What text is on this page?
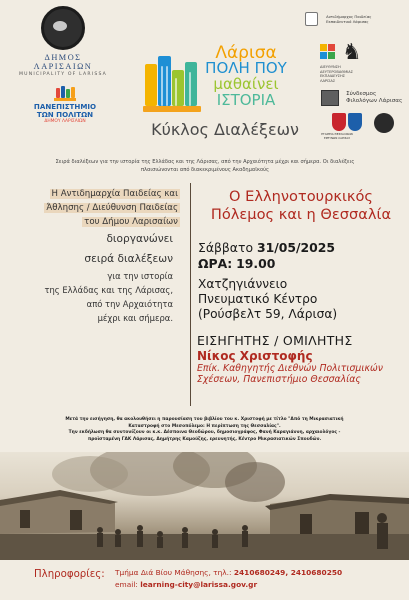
ΔΗΜΟΣ ΛΑΡΙΣΑΙΩΝ
MUNICIPALITY OF LARISSA
ΠΑΝΕΠΙΣΤΗΜΙΟ
ΤΩΝ ΠΟΛΙΤΩΝ
ΔΗΜΟΥ ΛΑΡΙΣΑΙΩΝ
Λάρισα
ΠΟΛΗ ΠΟΥ
μαθαίνει
ΙΣΤΟΡΙΑ
Κύκλος Διαλέξεων
Αντιδήμαρχος Παιδείας
Εκπαιδευτικό Λάρισας
♞
ΔΙΕΥΘΥΝΣΗ
ΔΕΥΤΕΡΟΒΑΘΜΙΑΣ
ΕΚΠΑΙΔΕΥΣΗΣ
ΛΑΡΙΣΑΣ
Σύνδεσμος
Φιλολόγων Λάρισας
ΕΤΑΙΡΕΙΑ ΘΕΣΣΑΛΙΚΩΝ ΕΡΕΥΝΩΝ ΛΑΡΙΣΑΣ
Σειρά διαλέξεων για την ιστορία της Ελλάδας και της Λάρισας, από την Αρχαιότητα μέχρι και σήμερα. Οι διαλέξεις πλαισιώνονται από διακεκριμένους Ακαδημαϊκούς
Η Αντιδημαρχία Παιδείας και
Άθλησης / Διεύθυνση Παιδείας
του Δήμου Λαρισαίων
διοργανώνει
σειρά διαλέξεων
για την ιστορία
της Ελλάδας και της Λάρισας,
από την Αρχαιότητα
μέχρι και σήμερα.
Ο Ελληνοτουρκικός
Πόλεμος και η Θεσσαλία
Σάββατο 31/05/2025
ΩΡΑ: 19.00
Χατζηγιάννειο
Πνευματικό Κέντρο
(Ρούσβελτ 59, Λάρισα)
ΕΙΣΗΓΗΤΗΣ / ΟΜΙΛΗΤΗΣ
Νίκος Χριστοφής
Επίκ. Καθηγητής Διεθνών Πολιτισμικών
Σχέσεων, Πανεπιστήμιο Θεσσαλίας
Μετά την εισήγηση, θα ακολουθήσει η παρουσίαση του βιβλίου του κ. Χριστοφή με τίτλο "Από τη Μικρασιατική
Καταστροφή στο Μεσοπόλεμο: Η περίπτωση της Θεσσαλίας".
Την εκδήλωση θα συντονίζουν οι κ.κ. Δέσποινα Θεοδώρου, δημοσιογράφος, Φανή Καραγιάννη, αρχαιολόγος -
προϊσταμένη ΓΑΚ Λάρισας, Δημήτρης Καμούζης, ερευνητής, Κέντρο Μικρασιατικών Σπουδών.
Πληροφορίες: Τμήμα Διά Βίου Μάθησης, τηλ.: 2410680249, 2410680250
email: learning-city@larissa.gov.gr
